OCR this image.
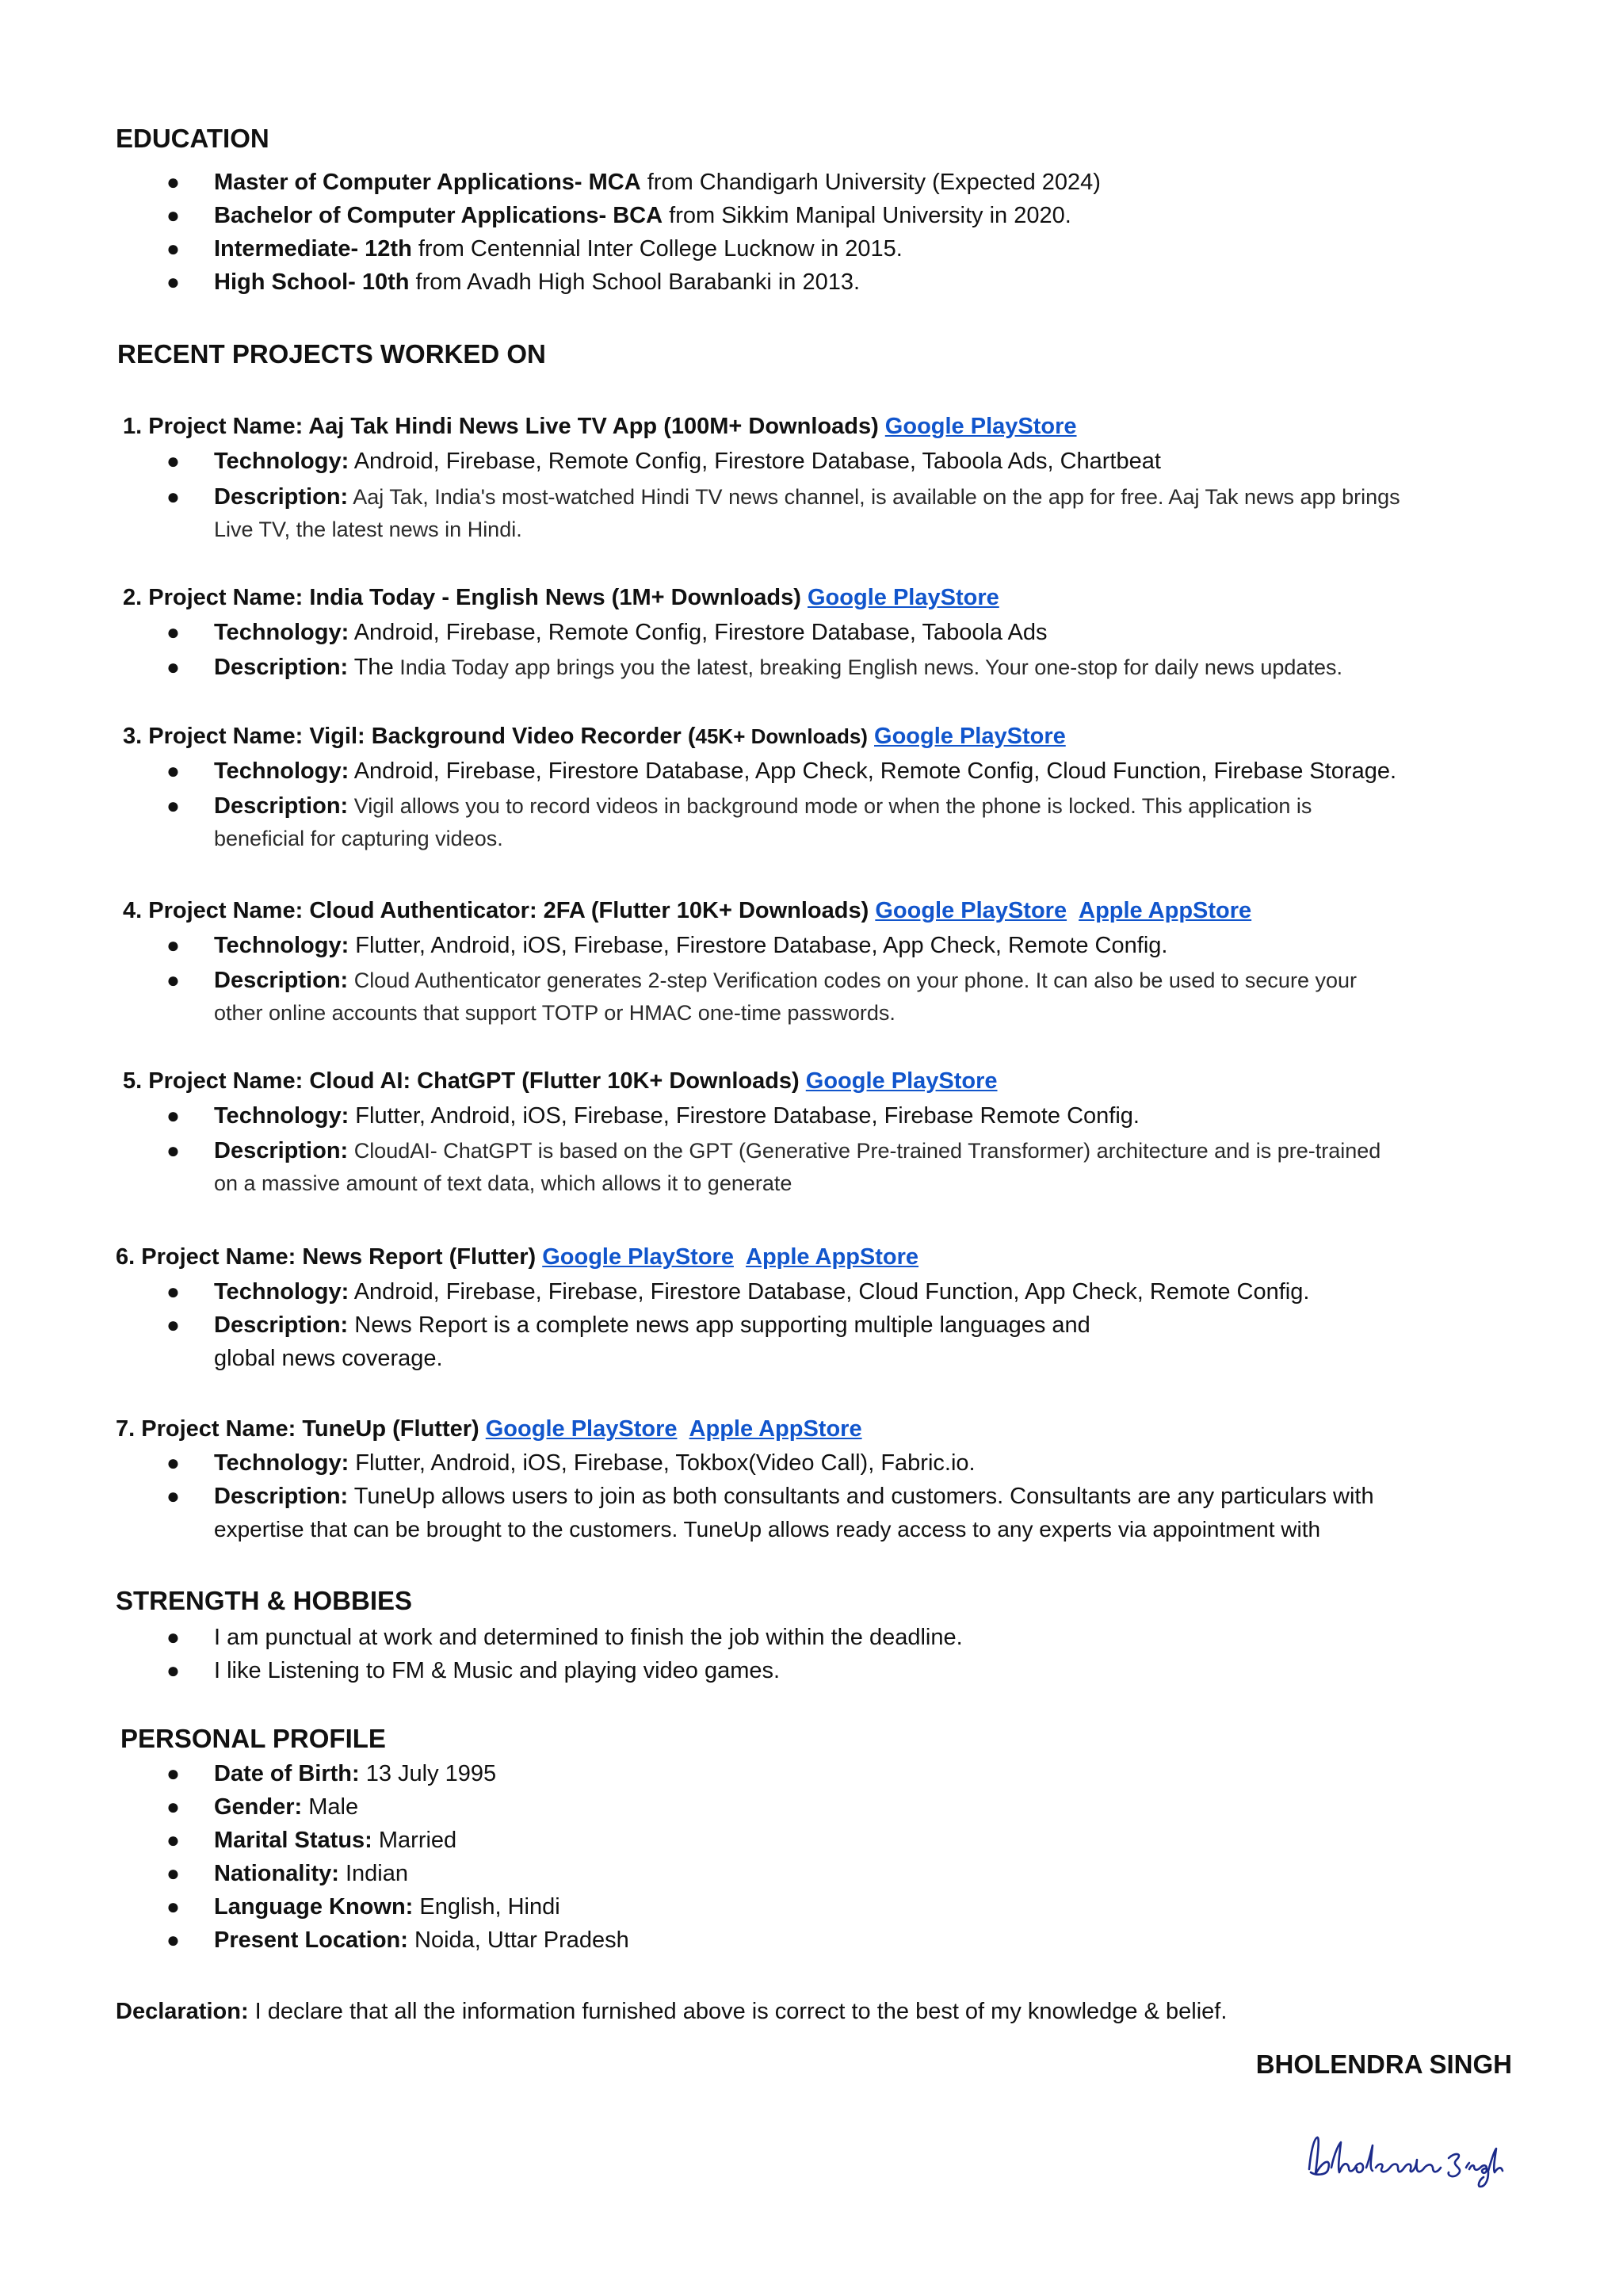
EDUCATION
● Master of Computer Applications- MCA from Chandigarh University (Expected 2024)
● Bachelor of Computer Applications- BCA from Sikkim Manipal University in 2020.
● Intermediate- 12th from Centennial Inter College Lucknow in 2015.
● High School- 10th from Avadh High School Barabanki in 2013.
RECENT PROJECTS WORKED ON
1. Project Name: Aaj Tak Hindi News Live TV App (100M+ Downloads) Google PlayStore
● Technology: Android, Firebase, Remote Config, Firestore Database, Taboola Ads, Chartbeat
● Description: Aaj Tak, India's most-watched Hindi TV news channel, is available on the app for free. Aaj Tak news app brings
Live TV, the latest news in Hindi.
2. Project Name: India Today - English News (1M+ Downloads) Google PlayStore
● Technology: Android, Firebase, Remote Config, Firestore Database, Taboola Ads
● Description: The India Today app brings you the latest, breaking English news. Your one-stop for daily news updates.
3. Project Name: Vigil: Background Video Recorder (45K+ Downloads) Google PlayStore
● Technology: Android, Firebase, Firestore Database, App Check, Remote Config, Cloud Function, Firebase Storage.
● Description: Vigil allows you to record videos in background mode or when the phone is locked. This application is
beneficial for capturing videos.
4. Project Name: Cloud Authenticator: 2FA (Flutter 10K+ Downloads) Google PlayStore Apple AppStore
● Technology: Flutter, Android, iOS, Firebase, Firestore Database, App Check, Remote Config.
● Description: Cloud Authenticator generates 2-step Verification codes on your phone. It can also be used to secure your
other online accounts that support TOTP or HMAC one-time passwords.
5. Project Name: Cloud AI: ChatGPT (Flutter 10K+ Downloads) Google PlayStore
● Technology: Flutter, Android, iOS, Firebase, Firestore Database, Firebase Remote Config.
● Description: CloudAI- ChatGPT is based on the GPT (Generative Pre-trained Transformer) architecture and is pre-trained
on a massive amount of text data, which allows it to generate
6. Project Name: News Report (Flutter) Google PlayStore Apple AppStore
● Technology: Android, Firebase, Firebase, Firestore Database, Cloud Function, App Check, Remote Config.
● Description: News Report is a complete news app supporting multiple languages and
global news coverage.
7. Project Name: TuneUp (Flutter) Google PlayStore Apple AppStore
● Technology: Flutter, Android, iOS, Firebase, Tokbox(Video Call), Fabric.io.
● Description: TuneUp allows users to join as both consultants and customers. Consultants are any particulars with
expertise that can be brought to the customers. TuneUp allows ready access to any experts via appointment with
STRENGTH & HOBBIES
● I am punctual at work and determined to finish the job within the deadline.
● I like Listening to FM & Music and playing video games.
PERSONAL PROFILE
● Date of Birth: 13 July 1995
● Gender: Male
● Marital Status: Married
● Nationality: Indian
● Language Known: English, Hindi
● Present Location: Noida, Uttar Pradesh
Declaration: I declare that all the information furnished above is correct to the best of my knowledge & belief.
BHOLENDRA SINGH
